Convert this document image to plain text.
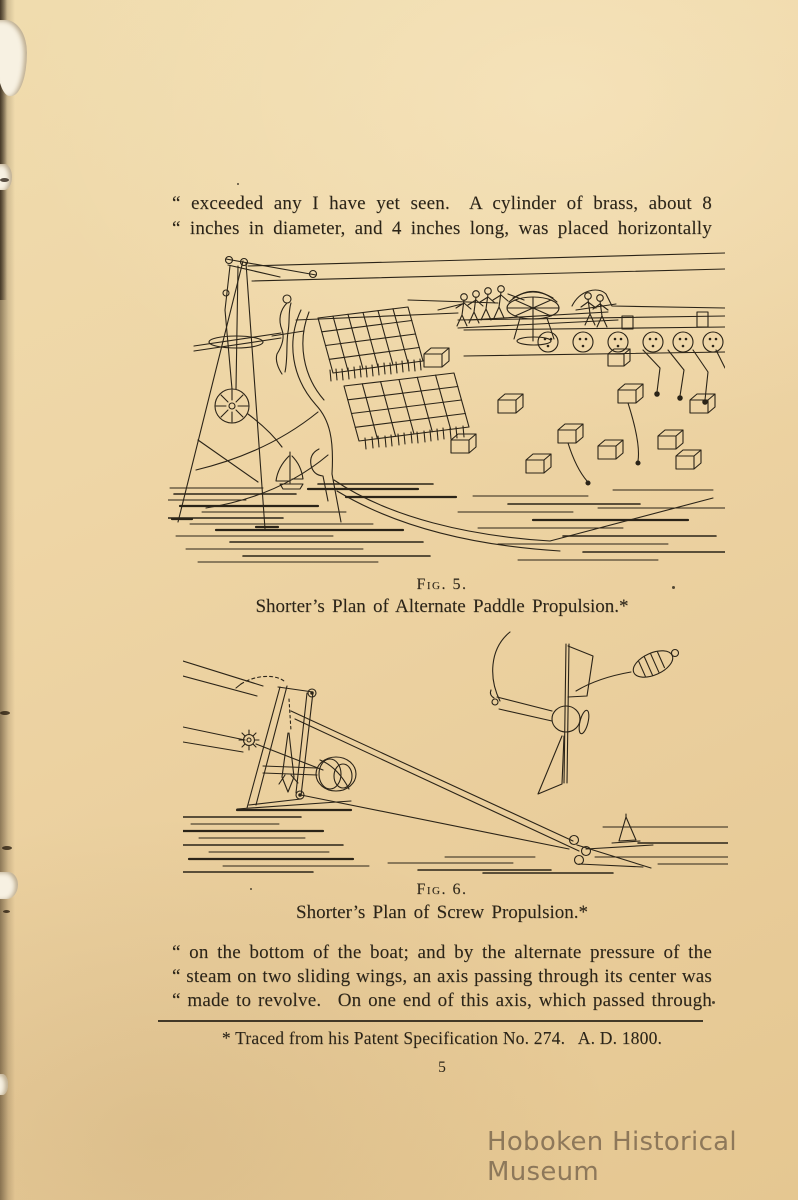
“ exceeded any I have yet seen.  A cylinder of brass, about 8
“ inches in diameter, and 4 inches long, was placed horizontally
Fig. 5.
Shorter’s Plan of Alternate Paddle Propulsion.*
Fig. 6.
Shorter’s Plan of Screw Propulsion.*
“ on the bottom of the boat; and by the alternate pressure of the
“ steam on two sliding wings, an axis passing through its center was
“ made to revolve.  On one end of this axis, which passed through
* Traced from his Patent Specification No. 274.  A. D. 1800.
5
Hoboken Historical Museum
